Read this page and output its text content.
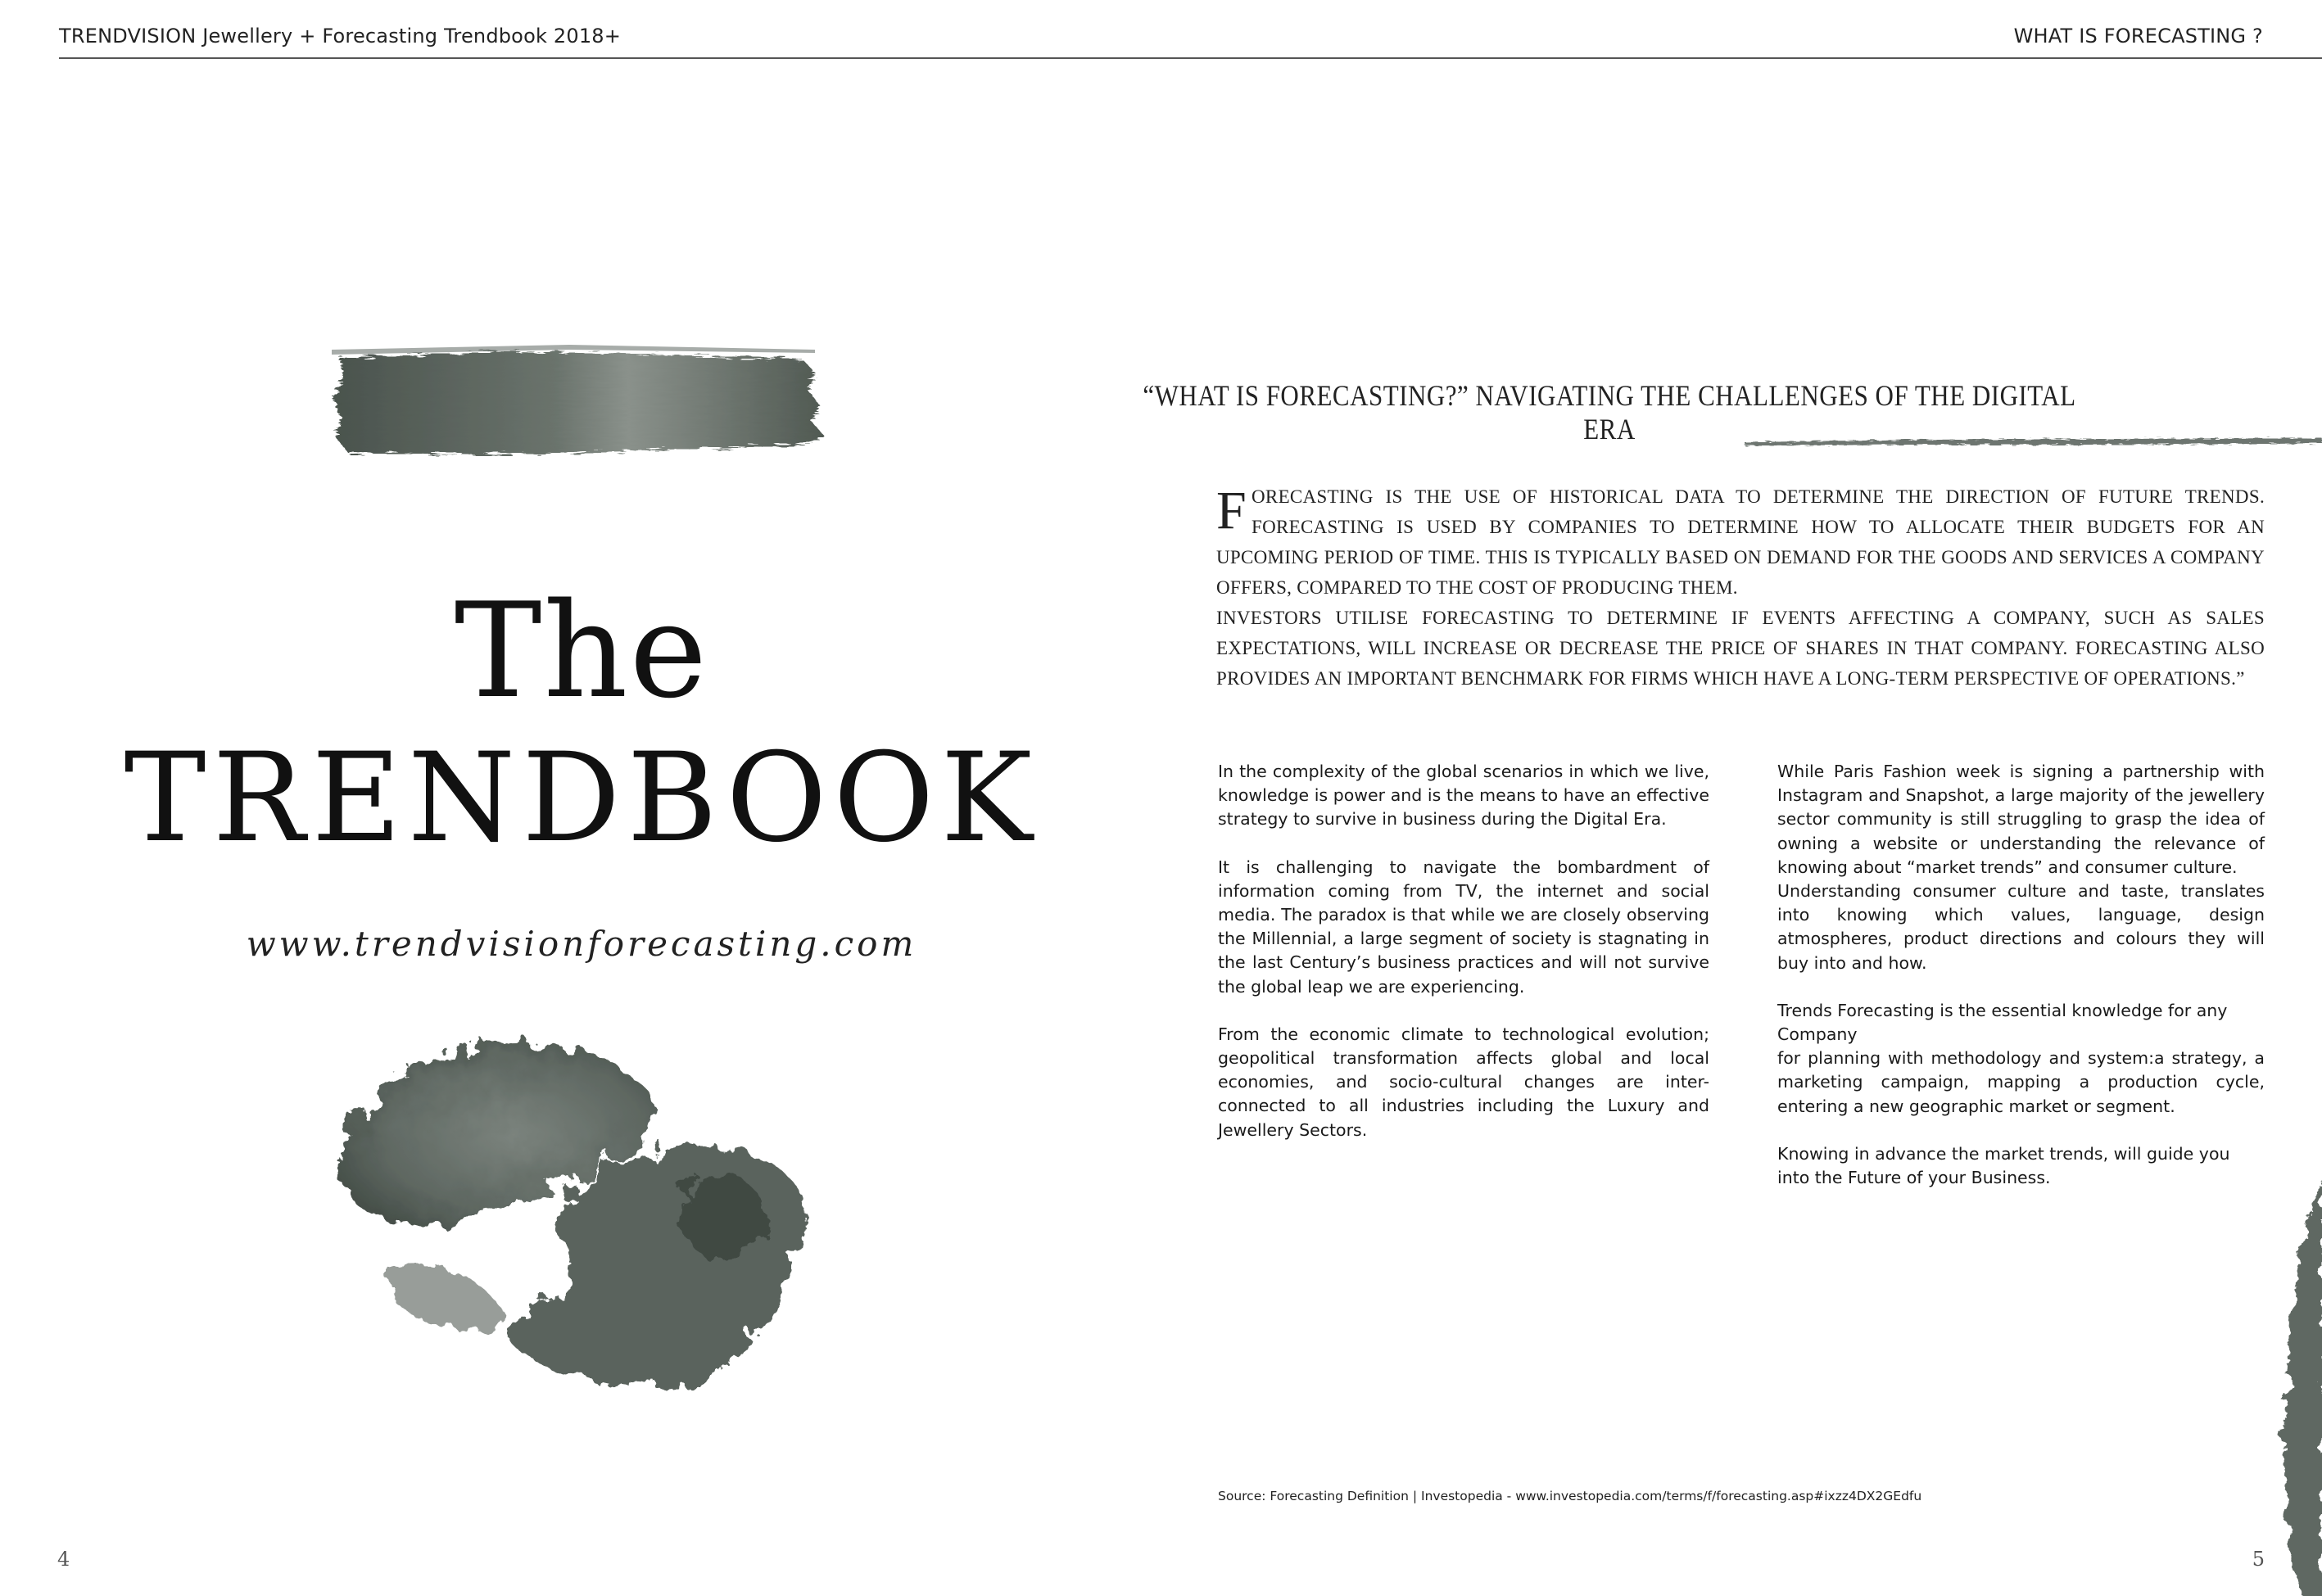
TRENDVISION Jewellery + Forecasting Trendbook 2018+	WHAT IS FORECASTING ?
The
TRENDBOOK
www.trendvisionforecasting.com
“WHAT IS FORECASTING?” NAVIGATING THE CHALLENGES OF THE DIGITAL ERA
FORECASTING IS THE USE OF HISTORICAL DATA TO DETERMINE THE DIRECTION OF FUTURE TRENDS. FORECASTING IS USED BY COMPANIES TO DETERMINE HOW TO ALLOCATE THEIR BUDGETS FOR AN UPCOMING PERIOD OF TIME. THIS IS TYPICALLY BASED ON DEMAND FOR THE GOODS AND SERVICES A COMPANY OFFERS, COMPARED TO THE COST OF PRODUCING THEM.
INVESTORS UTILISE FORECASTING TO DETERMINE IF EVENTS AFFECTING A COMPANY, SUCH AS SALES EXPECTATIONS, WILL INCREASE OR DECREASE THE PRICE OF SHARES IN THAT COMPANY. FORECASTING ALSO PROVIDES AN IMPORTANT BENCHMARK FOR FIRMS WHICH HAVE A LONG-TERM PERSPECTIVE OF OPERATIONS.”

In the complexity of the global scenarios in which we live, knowledge is power and is the means to have an effective strategy to survive in business during the Digital Era.

It is challenging to navigate the bombardment of information coming from TV, the internet and social media. The paradox is that while we are closely observing the Millennial, a large segment of society is stagnating in the last Century’s business practices and will not survive the global leap we are experiencing.

From the economic climate to technological evolution; geopolitical transformation affects global and local economies, and socio-cultural changes are inter-connected to all industries including the Luxury and Jewellery Sectors.

While Paris Fashion week is signing a partnership with Instagram and Snapshot, a large majority of the jewellery sector community is still struggling to grasp the idea of owning a website or understanding the relevance of knowing about “market trends” and consumer culture.

Understanding consumer culture and taste, translates into knowing which values, language, design atmospheres, product directions and colours they will buy into and how.

Trends Forecasting is the essential knowledge for any Company

for planning with methodology and system:a strategy, a marketing campaign, mapping a production cycle, entering a new geographic market or segment.

Knowing in advance the market trends, will guide you into the Future of your Business.

Source: Forecasting Definition | Investopedia - www.investopedia.com/terms/f/forecasting.asp#ixzz4DX2GEdfu
4	5
